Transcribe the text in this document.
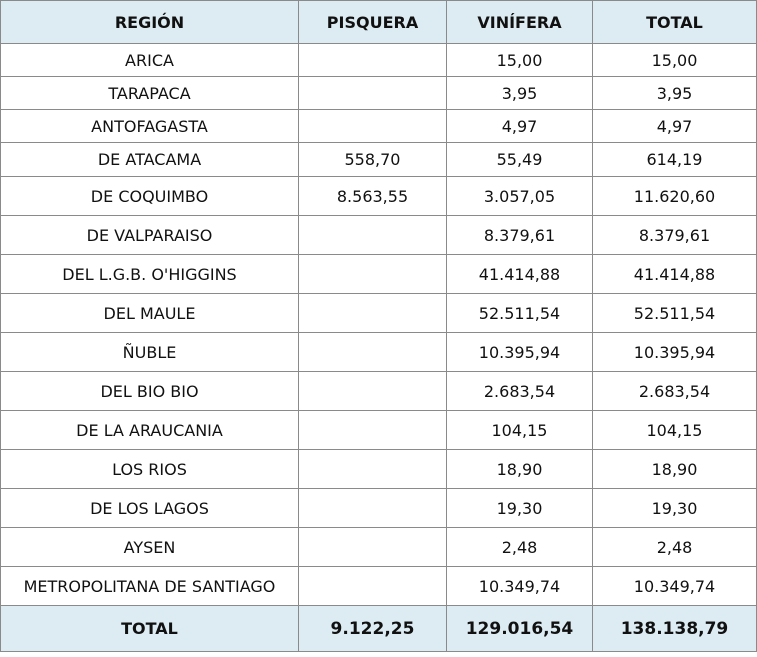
REGIÓN	PISQUERA	VINÍFERA	TOTAL
ARICA		15,00	15,00
TARAPACA		3,95	3,95
ANTOFAGASTA		4,97	4,97
DE ATACAMA	558,70	55,49	614,19
DE COQUIMBO	8.563,55	3.057,05	11.620,60
DE VALPARAISO		8.379,61	8.379,61
DEL L.G.B. O'HIGGINS		41.414,88	41.414,88
DEL MAULE		52.511,54	52.511,54
ÑUBLE		10.395,94	10.395,94
DEL BIO BIO		2.683,54	2.683,54
DE LA ARAUCANIA		104,15	104,15
LOS RIOS		18,90	18,90
DE LOS LAGOS		19,30	19,30
AYSEN		2,48	2,48
METROPOLITANA DE SANTIAGO		10.349,74	10.349,74
TOTAL	9.122,25	129.016,54	138.138,79
